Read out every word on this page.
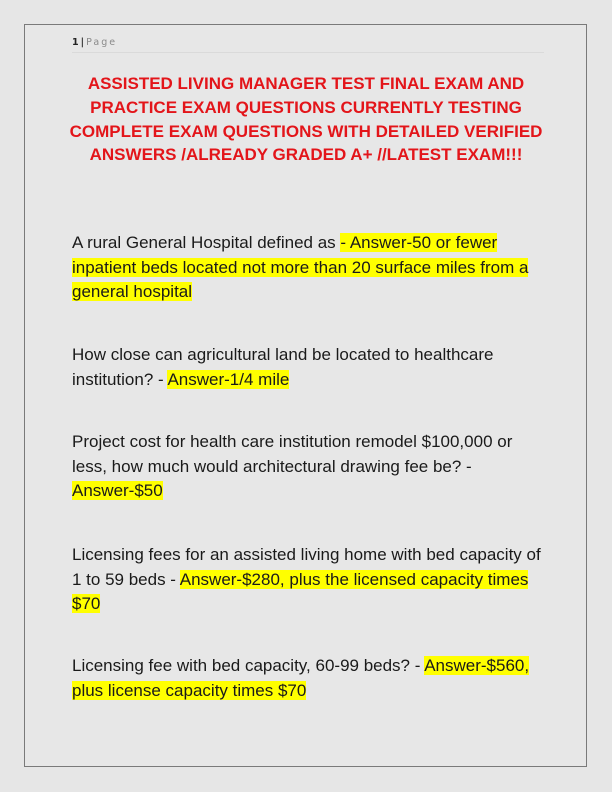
1 | Page
ASSISTED LIVING MANAGER TEST FINAL EXAM AND PRACTICE EXAM QUESTIONS CURRENTLY TESTING COMPLETE EXAM QUESTIONS WITH DETAILED VERIFIED ANSWERS /ALREADY GRADED A+ //LATEST EXAM!!!
A rural General Hospital defined as - Answer-50 or fewer inpatient beds located not more than 20 surface miles from a general hospital
How close can agricultural land be located to healthcare institution? - Answer-1/4 mile
Project cost for health care institution remodel $100,000 or less, how much would architectural drawing fee be? - Answer-$50
Licensing fees for an assisted living home with bed capacity of 1 to 59 beds - Answer-$280, plus the licensed capacity times $70
Licensing fee with bed capacity, 60-99 beds? - Answer-$560, plus license capacity times $70
